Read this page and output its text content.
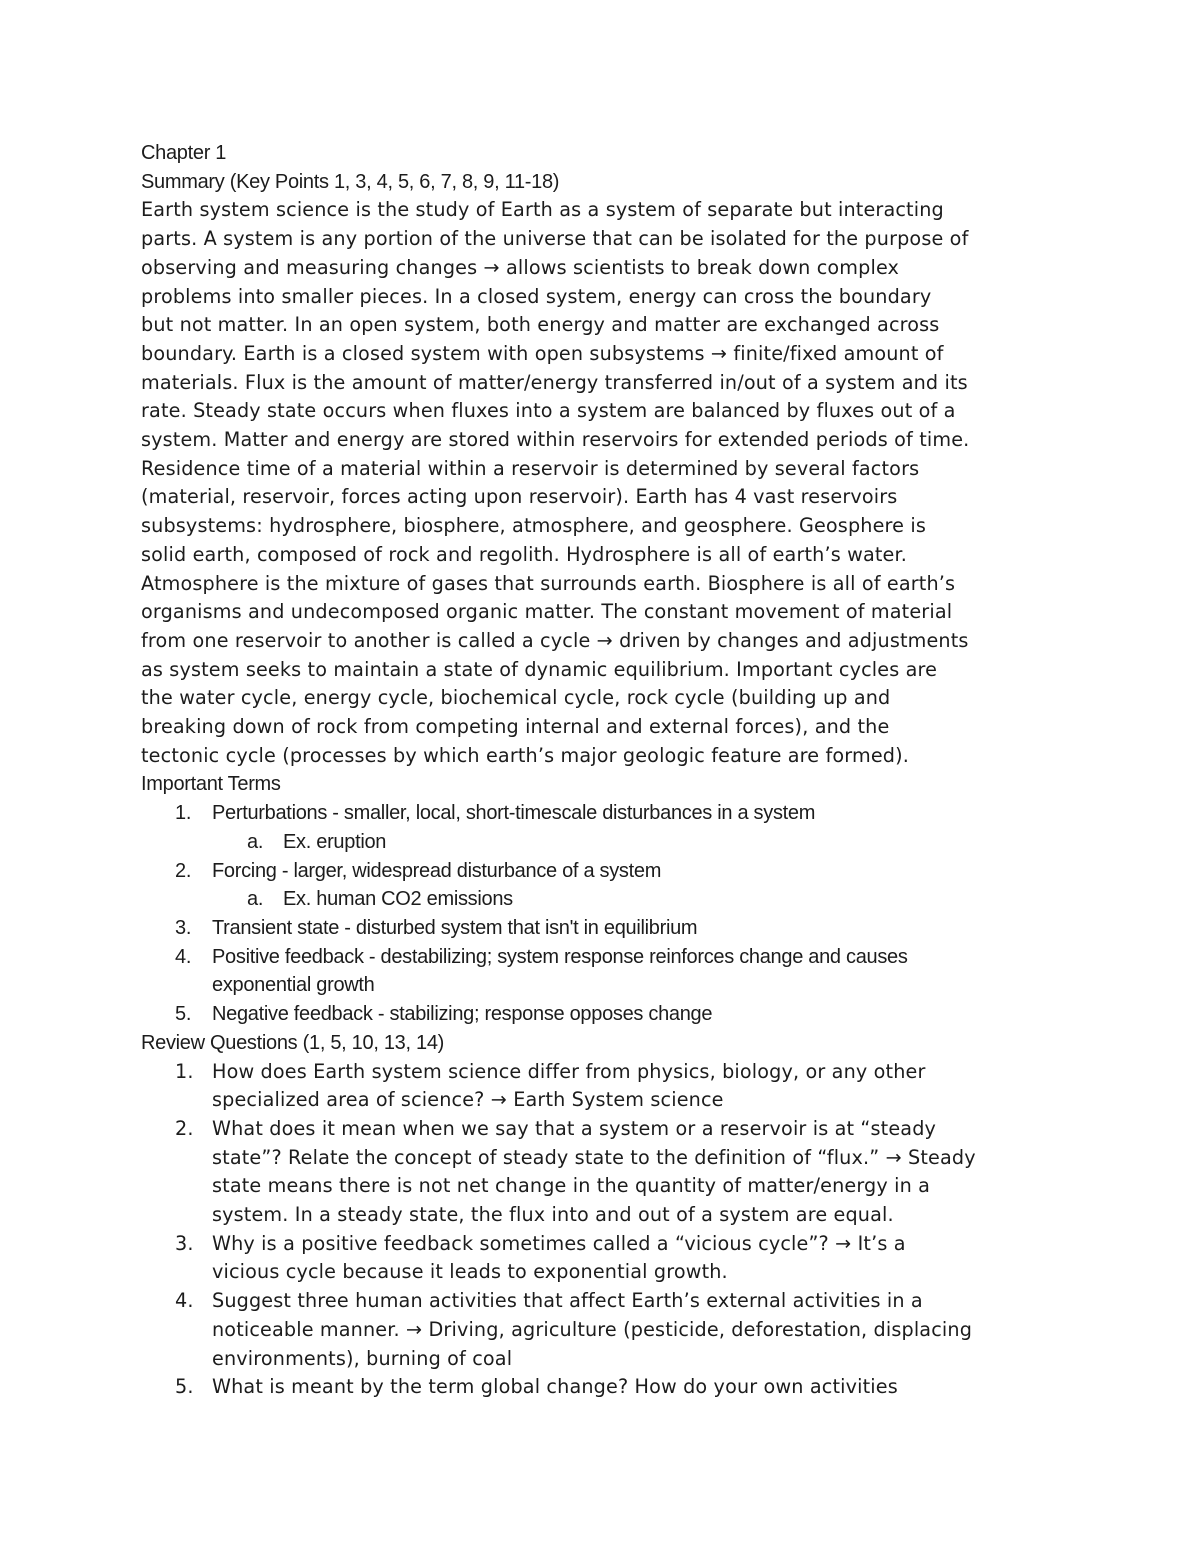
Chapter 1
Summary (Key Points 1, 3, 4, 5, 6, 7, 8, 9, 11-18)
Earth system science is the study of Earth as a system of separate but interacting
parts. A system is any portion of the universe that can be isolated for the purpose of
observing and measuring changes → allows scientists to break down complex
problems into smaller pieces. In a closed system, energy can cross the boundary
but not matter. In an open system, both energy and matter are exchanged across
boundary. Earth is a closed system with open subsystems → finite/fixed amount of
materials. Flux is the amount of matter/energy transferred in/out of a system and its
rate. Steady state occurs when fluxes into a system are balanced by fluxes out of a
system. Matter and energy are stored within reservoirs for extended periods of time.
Residence time of a material within a reservoir is determined by several factors
(material, reservoir, forces acting upon reservoir). Earth has 4 vast reservoirs
subsystems: hydrosphere, biosphere, atmosphere, and geosphere. Geosphere is
solid earth, composed of rock and regolith. Hydrosphere is all of earth’s water.
Atmosphere is the mixture of gases that surrounds earth. Biosphere is all of earth’s
organisms and undecomposed organic matter. The constant movement of material
from one reservoir to another is called a cycle → driven by changes and adjustments
as system seeks to maintain a state of dynamic equilibrium. Important cycles are
the water cycle, energy cycle, biochemical cycle, rock cycle (building up and
breaking down of rock from competing internal and external forces), and the
tectonic cycle (processes by which earth’s major geologic feature are formed).
Important Terms
1. Perturbations - smaller, local, short-timescale disturbances in a system
a. Ex. eruption
2. Forcing - larger, widespread disturbance of a system
a. Ex. human CO2 emissions
3. Transient state - disturbed system that isn't in equilibrium
4. Positive feedback - destabilizing; system response reinforces change and causes
exponential growth
5. Negative feedback - stabilizing; response opposes change
Review Questions (1, 5, 10, 13, 14)
1. How does Earth system science differ from physics, biology, or any other
specialized area of science? → Earth System science
2. What does it mean when we say that a system or a reservoir is at “steady
state”? Relate the concept of steady state to the definition of “flux.” → Steady
state means there is not net change in the quantity of matter/energy in a
system. In a steady state, the flux into and out of a system are equal.
3. Why is a positive feedback sometimes called a “vicious cycle”? → It’s a
vicious cycle because it leads to exponential growth.
4. Suggest three human activities that affect Earth’s external activities in a
noticeable manner. → Driving, agriculture (pesticide, deforestation, displacing
environments), burning of coal
5. What is meant by the term global change? How do your own activities
